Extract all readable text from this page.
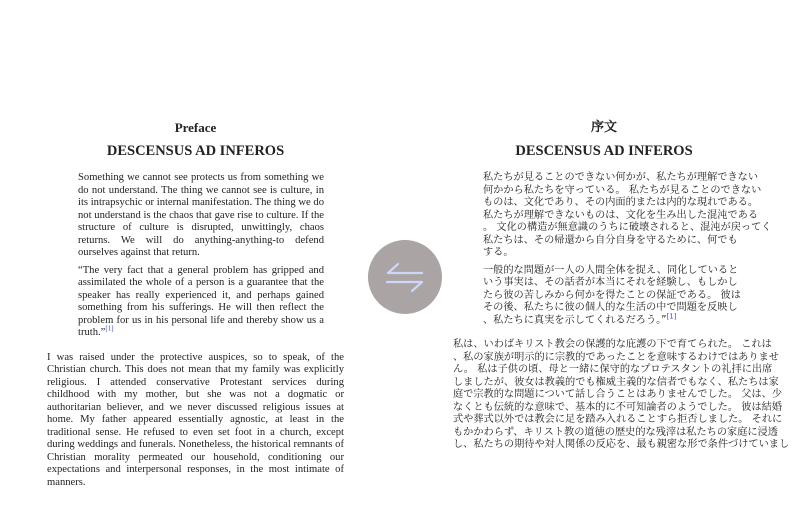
Preface
DESCENSUS AD INFEROS

Something we cannot see protects us from something we do not understand. The thing we cannot see is culture, in its intrapsychic or internal manifestation. The thing we do not understand is the chaos that gave rise to culture. If the structure of culture is disrupted, unwittingly, chaos returns. We will do anything-anything-to defend ourselves against that return.

“The very fact that a general problem has gripped and assimilated the whole of a person is a guarantee that the speaker has really experienced it, and perhaps gained something from his sufferings. He will then reflect the problem for us in his personal life and thereby show us a truth.”[1]

I was raised under the protective auspices, so to speak, of the Christian church. This does not mean that my family was explicitly religious. I attended conservative Protestant services during childhood with my mother, but she was not a dogmatic or authoritarian believer, and we never discussed religious issues at home. My father appeared essentially agnostic, at least in the traditional sense. He refused to even set foot in a church, except during weddings and funerals. Nonetheless, the historical remnants of Christian morality permeated our household, conditioning our expectations and interpersonal responses, in the most intimate of manners.

序文
DESCENSUS AD INFEROS
私たちが見ることのできない何かが、私たちが理解できない
何かから私たちを守っている。 私たちが見ることのできない
ものは、文化であり、その内面的または内的な現れである。
私たちが理解できないものは、文化を生み出した混沌である
。 文化の構造が無意識のうちに破壊されると、混沌が戻ってく
私たちは、その帰還から自分自身を守るために、何でも
する。
一般的な問題が一人の人間全体を捉え、同化していると
いう事実は、その話者が本当にそれを経験し、もしかし
たら彼の苦しみから何かを得たことの保証である。 彼は
その後、私たちに彼の個人的な生活の中で問題を反映し
、私たちに真実を示してくれるだろう。”[1]
私は、いわばキリスト教会の保護的な庇護の下で育てられた。 これは
、私の家族が明示的に宗教的であったことを意味するわけではありませ
ん。 私は子供の頃、母と一緒に保守的なプロテスタントの礼拝に出席
しましたが、彼女は教義的でも権威主義的な信者でもなく、私たちは家
庭で宗教的な問題について話し合うことはありませんでした。 父は、少
なくとも伝統的な意味で、基本的に不可知論者のようでした。 彼は結婚
式や葬式以外では教会に足を踏み入れることすら拒否しました。 それに
もかかわらず、キリスト教の道徳の歴史的な残滓は私たちの家庭に浸透
し、私たちの期待や対人関係の反応を、最も親密な形で条件づけていまし
